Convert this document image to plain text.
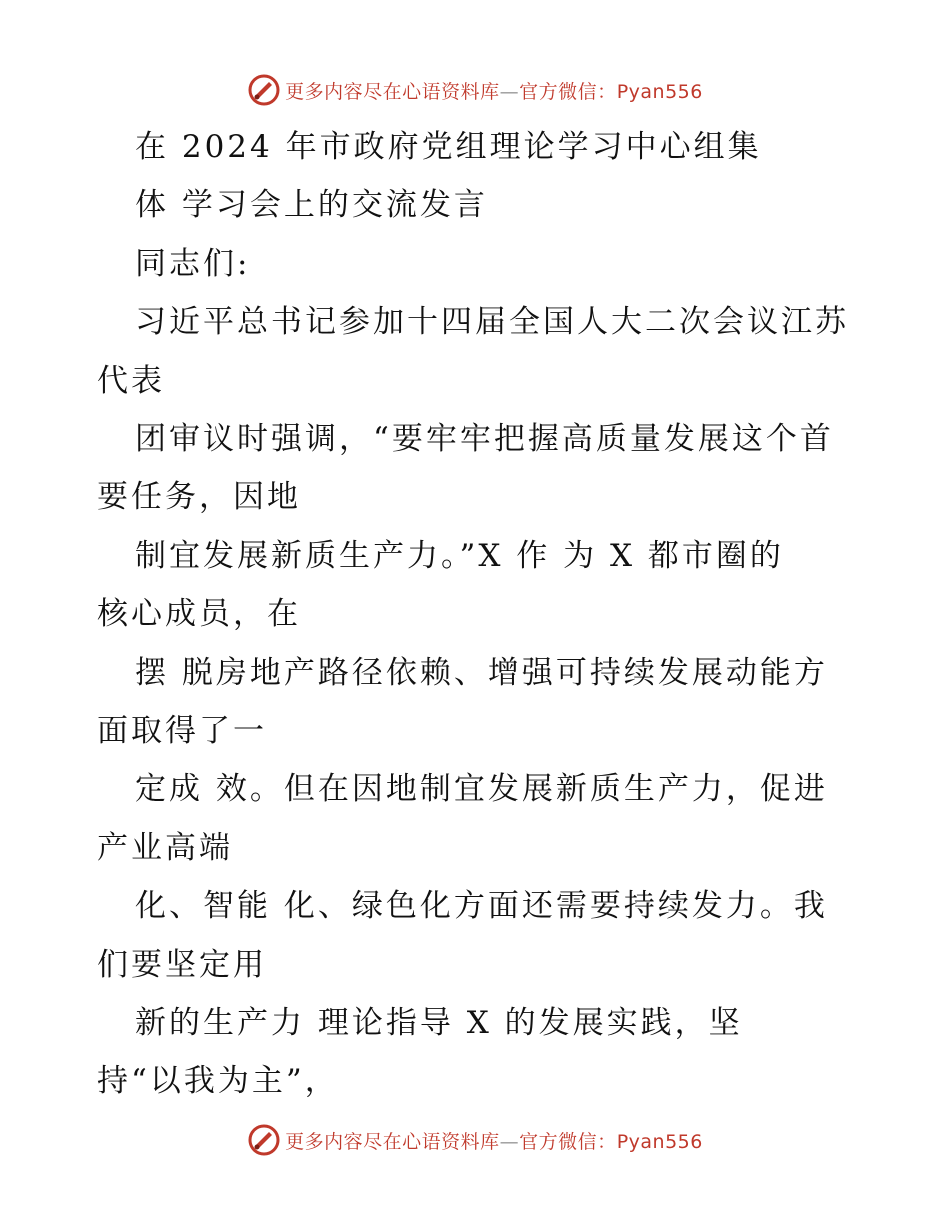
更多内容尽在心语资料库—官方微信：Pyan556
在 2024 年市政府党组理论学习中心组集
体 学习会上的交流发言
同志们:
习近平总书记参加十四届全国人大二次会议江苏
代表
团审议时强调，“要牢牢把握高质量发展这个首
要任务，因地
制宜发展新质生产力。”X 作 为 X 都市圈的
核心成员，在
摆 脱房地产路径依赖、增强可持续发展动能方
面取得了一
定成 效。但在因地制宜发展新质生产力，促进
产业高端
化、智能 化、绿色化方面还需要持续发力。我
们要坚定用
新的生产力 理论指导 X 的发展实践，坚
持“以我为主”，
更多内容尽在心语资料库—官方微信：Pyan556
